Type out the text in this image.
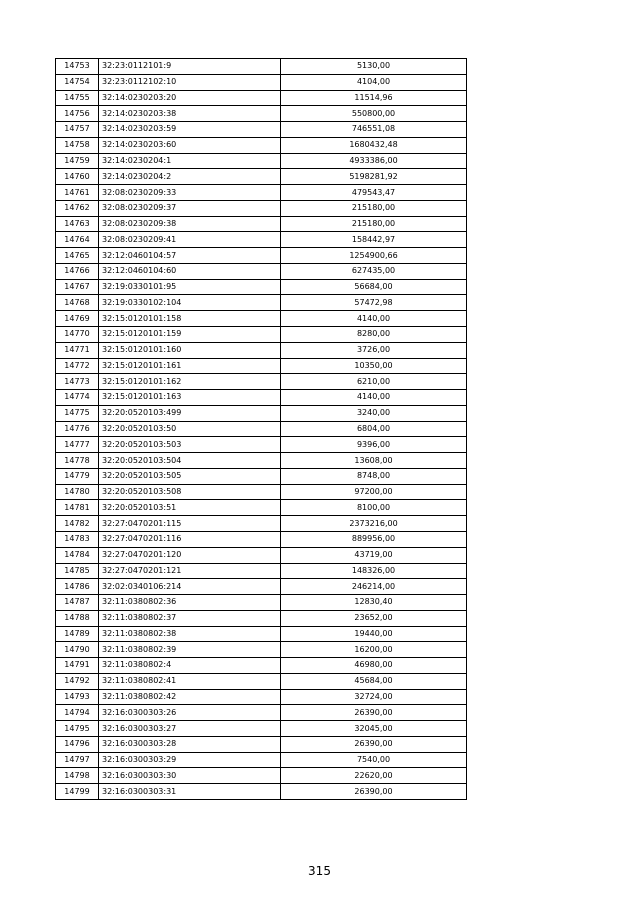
14753	32:23:0112101:9	5130,00
14754	32:23:0112102:10	4104,00
14755	32:14:0230203:20	11514,96
14756	32:14:0230203:38	550800,00
14757	32:14:0230203:59	746551,08
14758	32:14:0230203:60	1680432,48
14759	32:14:0230204:1	4933386,00
14760	32:14:0230204:2	5198281,92
14761	32:08:0230209:33	479543,47
14762	32:08:0230209:37	215180,00
14763	32:08:0230209:38	215180,00
14764	32:08:0230209:41	158442,97
14765	32:12:0460104:57	1254900,66
14766	32:12:0460104:60	627435,00
14767	32:19:0330101:95	56684,00
14768	32:19:0330102:104	57472,98
14769	32:15:0120101:158	4140,00
14770	32:15:0120101:159	8280,00
14771	32:15:0120101:160	3726,00
14772	32:15:0120101:161	10350,00
14773	32:15:0120101:162	6210,00
14774	32:15:0120101:163	4140,00
14775	32:20:0520103:499	3240,00
14776	32:20:0520103:50	6804,00
14777	32:20:0520103:503	9396,00
14778	32:20:0520103:504	13608,00
14779	32:20:0520103:505	8748,00
14780	32:20:0520103:508	97200,00
14781	32:20:0520103:51	8100,00
14782	32:27:0470201:115	2373216,00
14783	32:27:0470201:116	889956,00
14784	32:27:0470201:120	43719,00
14785	32:27:0470201:121	148326,00
14786	32:02:0340106:214	246214,00
14787	32:11:0380802:36	12830,40
14788	32:11:0380802:37	23652,00
14789	32:11:0380802:38	19440,00
14790	32:11:0380802:39	16200,00
14791	32:11:0380802:4	46980,00
14792	32:11:0380802:41	45684,00
14793	32:11:0380802:42	32724,00
14794	32:16:0300303:26	26390,00
14795	32:16:0300303:27	32045,00
14796	32:16:0300303:28	26390,00
14797	32:16:0300303:29	7540,00
14798	32:16:0300303:30	22620,00
14799	32:16:0300303:31	26390,00
315
